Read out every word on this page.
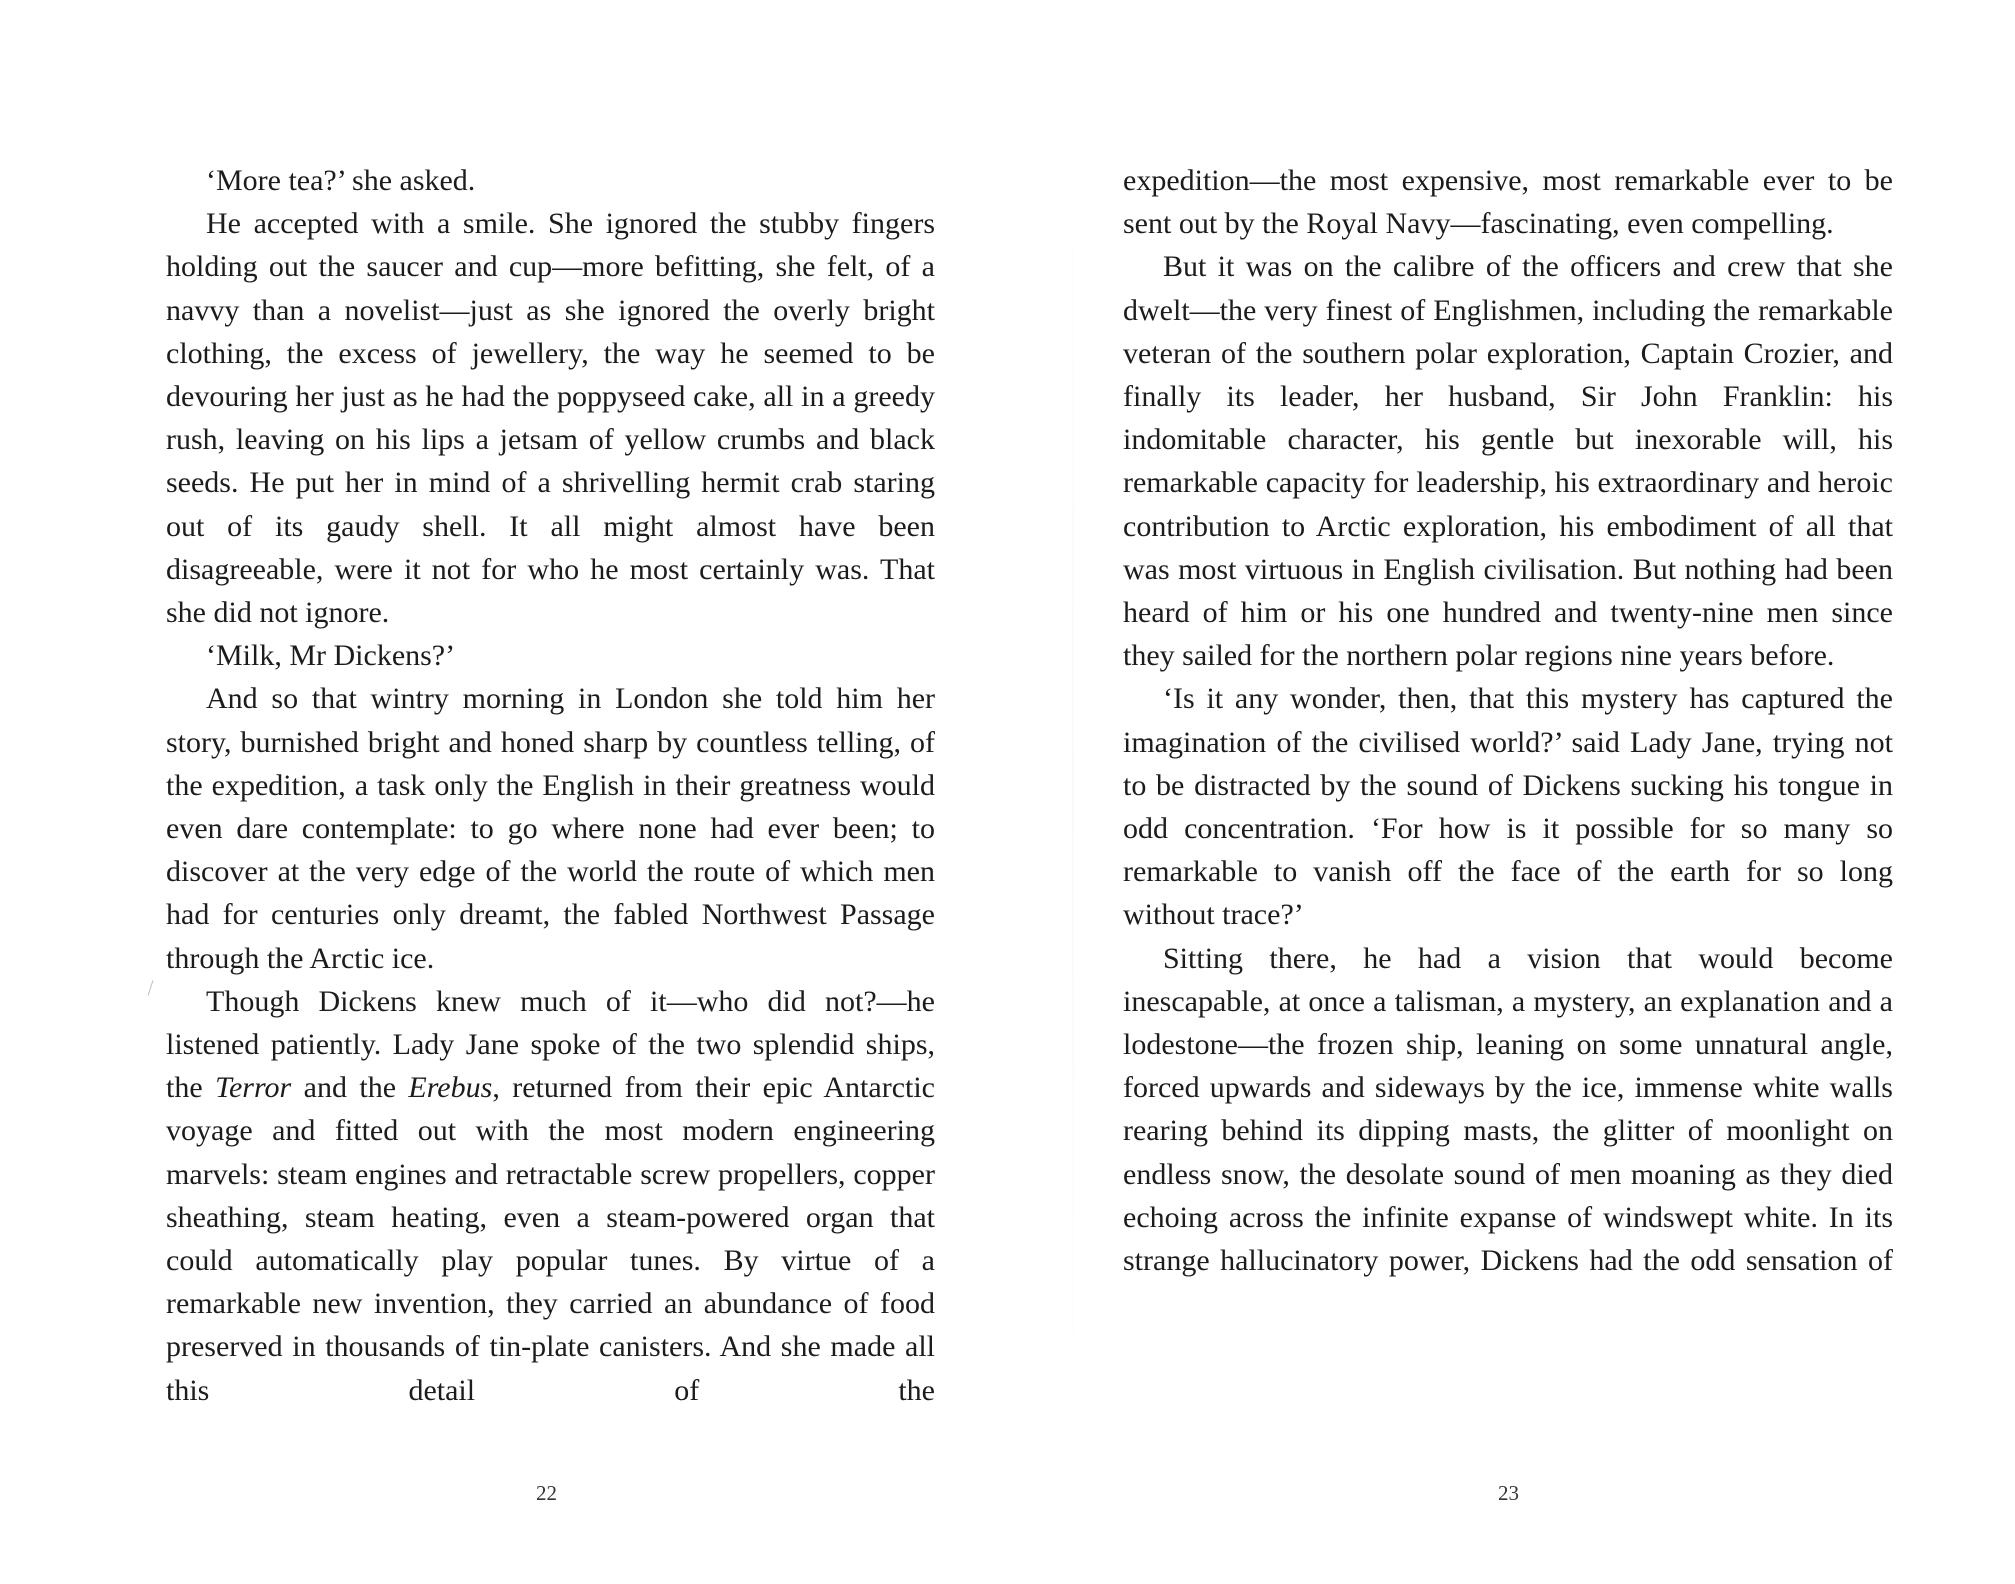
‘More tea?’ she asked.

He accepted with a smile. She ignored the stubby fingers holding out the saucer and cup—more befitting, she felt, of a navvy than a novelist—just as she ignored the overly bright clothing, the excess of jewellery, the way he seemed to be devouring her just as he had the poppyseed cake, all in a greedy rush, leaving on his lips a jetsam of yellow crumbs and black seeds. He put her in mind of a shrivelling hermit crab staring out of its gaudy shell. It all might almost have been disagreeable, were it not for who he most certainly was. That she did not ignore.

‘Milk, Mr Dickens?’

And so that wintry morning in London she told him her story, burnished bright and honed sharp by countless telling, of the expedition, a task only the English in their greatness would even dare contemplate: to go where none had ever been; to discover at the very edge of the world the route of which men had for centuries only dreamt, the fabled Northwest Passage through the Arctic ice.

Though Dickens knew much of it—who did not?—he listened patiently. Lady Jane spoke of the two splendid ships, the Terror and the Erebus, returned from their epic Antarctic voyage and fitted out with the most modern engineering marvels: steam engines and retractable screw propellers, copper sheathing, steam heating, even a steam-powered organ that could automatically play popular tunes. By virtue of a remarkable new invention, they carried an abundance of food preserved in thousands of tin-plate canisters. And she made all this detail of the

22

expedition—the most expensive, most remarkable ever to be sent out by the Royal Navy—fascinating, even compelling.

But it was on the calibre of the officers and crew that she dwelt—the very finest of Englishmen, including the remarkable veteran of the southern polar exploration, Captain Crozier, and finally its leader, her husband, Sir John Franklin: his indomitable character, his gentle but inexorable will, his remarkable capacity for leadership, his extraordinary and heroic contribution to Arctic exploration, his embodiment of all that was most virtuous in English civilisation. But nothing had been heard of him or his one hundred and twenty-nine men since they sailed for the northern polar regions nine years before.

‘Is it any wonder, then, that this mystery has captured the imagination of the civilised world?’ said Lady Jane, trying not to be distracted by the sound of Dickens sucking his tongue in odd concentration. ‘For how is it possible for so many so remarkable to vanish off the face of the earth for so long without trace?’

Sitting there, he had a vision that would become inescapable, at once a talisman, a mystery, an explanation and a lodestone—the frozen ship, leaning on some unnatural angle, forced upwards and sideways by the ice, immense white walls rearing behind its dipping masts, the glitter of moonlight on endless snow, the desolate sound of men moaning as they died echoing across the infinite expanse of windswept white. In its strange hallucinatory power, Dickens had the odd sensation of

23
